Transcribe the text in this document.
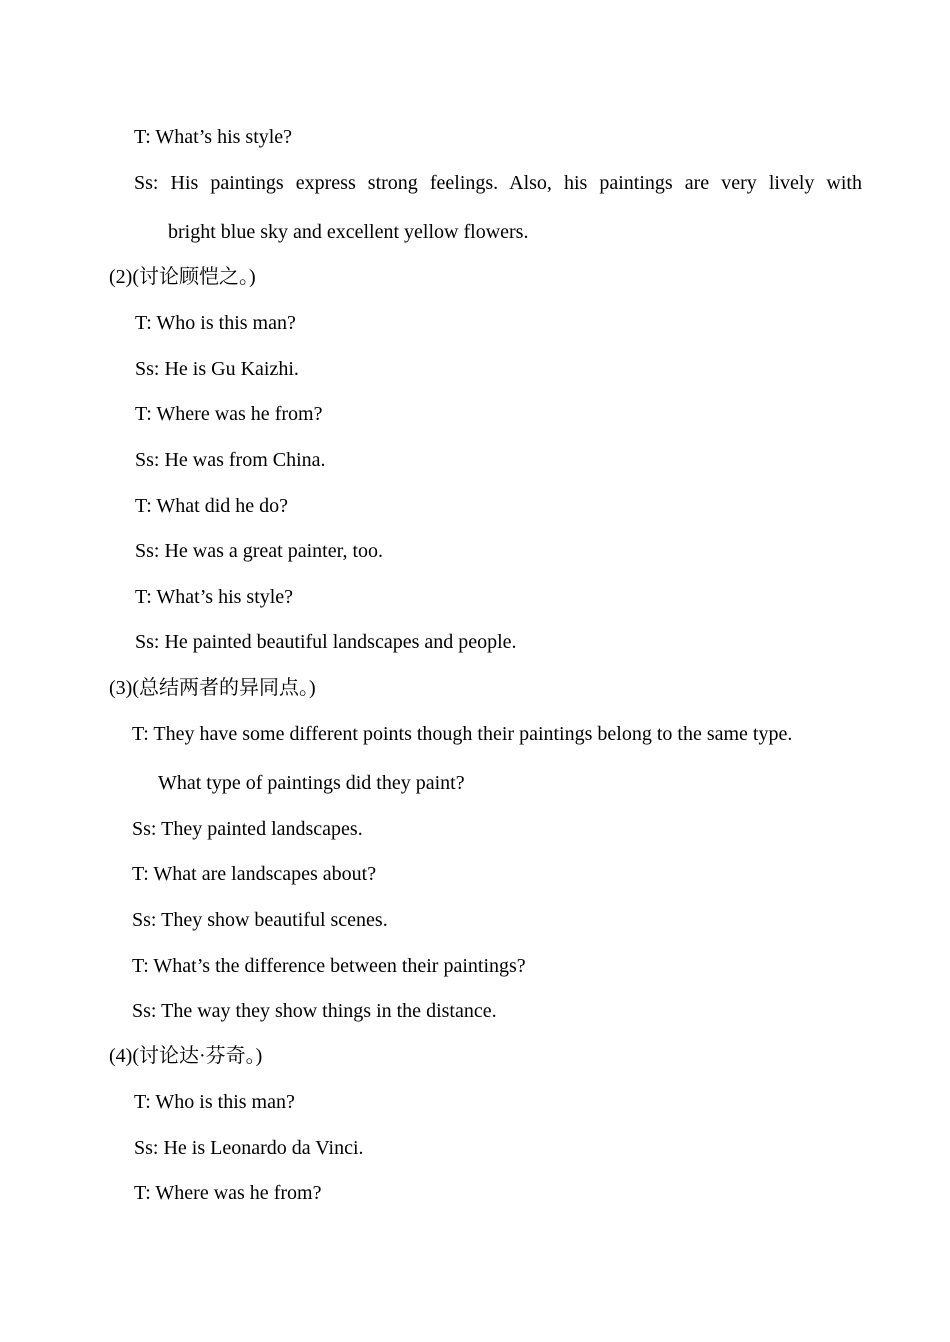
T: What’s his style?
Ss: His paintings express strong feelings. Also, his paintings are very lively with
bright blue sky and excellent yellow flowers.
(2)(讨论顾恺之。)
T: Who is this man?
Ss: He is Gu Kaizhi.
T: Where was he from?
Ss: He was from China.
T: What did he do?
Ss: He was a great painter, too.
T: What’s his style?
Ss: He painted beautiful landscapes and people.
(3)(总结两者的异同点。)
T: They have some different points though their paintings belong to the same type.
What type of paintings did they paint?
Ss: They painted landscapes.
T: What are landscapes about?
Ss: They show beautiful scenes.
T: What’s the difference between their paintings?
Ss: The way they show things in the distance.
(4)(讨论达·芬奇。)
T: Who is this man?
Ss: He is Leonardo da Vinci.
T: Where was he from?
